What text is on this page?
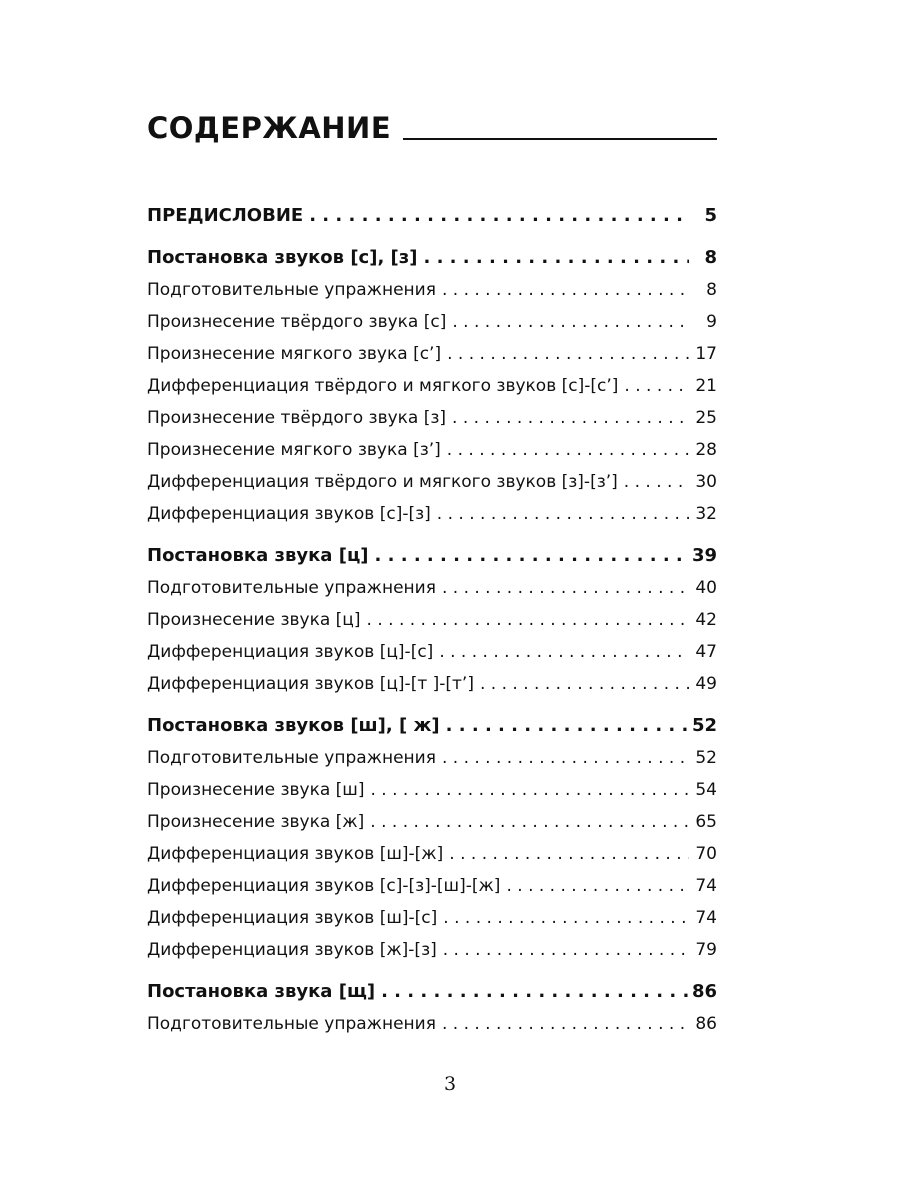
СОДЕРЖАНИЕ
ПРЕДИСЛОВИЕ . . .	5
Постановка звуков [с], [з] . . .	8
Подготовительные упражнения . . .	8
Произнесение твёрдого звука [с] . . .	9
Произнесение мягкого звука [с’] . . .	17
Дифференциация твёрдого и мягкого звуков [с]-[с’] . . .	21
Произнесение твёрдого звука [з] . . .	25
Произнесение мягкого звука [з’] . . .	28
Дифференциация твёрдого и мягкого звуков [з]-[з’] . . .	30
Дифференциация звуков [с]-[з] . . .	32
Постановка звука [ц] . . .	39
Подготовительные упражнения . . .	40
Произнесение звука [ц] . . .	42
Дифференциация звуков [ц]-[с] . . .	47
Дифференциация звуков [ц]-[т ]-[т’] . . .	49
Постановка звуков [ш], [ ж] . . .	52
Подготовительные упражнения . . .	52
Произнесение звука [ш] . . .	54
Произнесение звука [ж] . . .	65
Дифференциация звуков [ш]-[ж] . . .	70
Дифференциация звуков [с]-[з]-[ш]-[ж] . . .	74
Дифференциация звуков [ш]-[с] . . .	74
Дифференциация звуков [ж]-[з] . . .	79
Постановка звука [щ] . . .	86
Подготовительные упражнения . . .	86
3
